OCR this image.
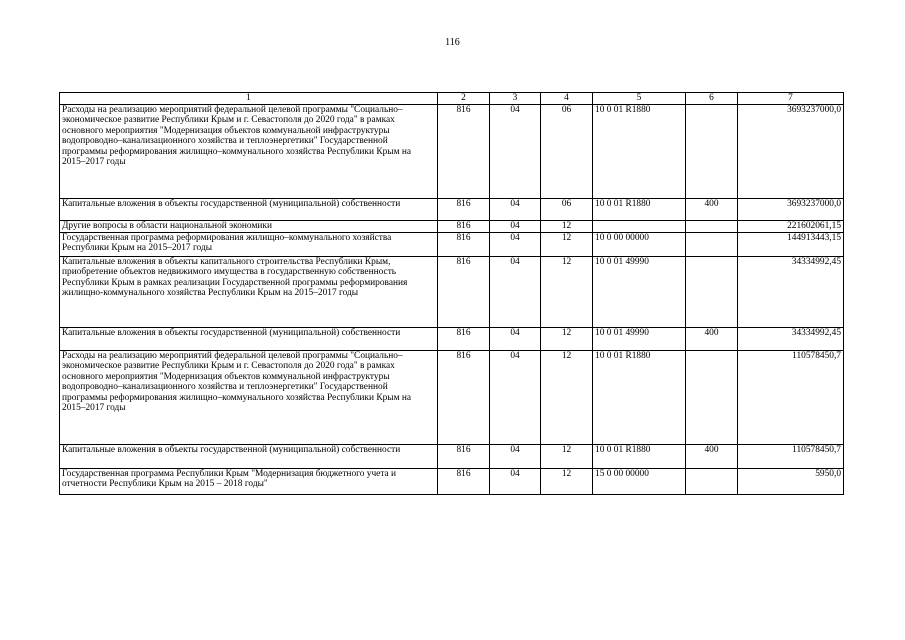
116
1	2	3	4	5	6	7
Расходы на реализацию мероприятий федеральной целевой программы "Социально–экономическое развитие Республики Крым и г. Севастополя до 2020 года" в рамках основного мероприятия "Модернизация объектов коммунальной инфраструктуры водопроводно–канализационного хозяйства и теплоэнергетики" Государственной программы реформирования жилищно–коммунального хозяйства Республики Крым на 2015–2017 годы	816	04	06	10 0 01 R1880		3693237000,0
Капитальные вложения в объекты государственной (муниципальной) собственности	816	04	06	10 0 01 R1880	400	3693237000,0
Другие вопросы в области национальной экономики	816	04	12			221602061,15
Государственная программа реформирования жилищно–коммунального хозяйства Республики Крым на 2015–2017 годы	816	04	12	10 0 00 00000		144913443,15
Капитальные вложения в объекты капитального строительства Республики Крым, приобретение объектов недвижимого имущества в государственную собственность Республики Крым в рамках реализации Государственной программы реформирования жилищно-коммунального хозяйства Республики Крым на 2015–2017 годы	816	04	12	10 0 01 49990		34334992,45
Капитальные вложения в объекты государственной (муниципальной) собственности	816	04	12	10 0 01 49990	400	34334992,45
Расходы на реализацию мероприятий федеральной целевой программы "Социально–экономическое развитие Республики Крым и г. Севастополя до 2020 года" в рамках основного мероприятия "Модернизация объектов коммунальной инфраструктуры водопроводно–канализационного хозяйства и теплоэнергетики" Государственной программы реформирования жилищно–коммунального хозяйства Республики Крым на 2015–2017 годы	816	04	12	10 0 01 R1880		110578450,7
Капитальные вложения в объекты государственной (муниципальной) собственности	816	04	12	10 0 01 R1880	400	110578450,7
Государственная программа Республики Крым "Модернизация бюджетного учета и отчетности Республики Крым на 2015 – 2018 годы"	816	04	12	15 0 00 00000		5950,0
